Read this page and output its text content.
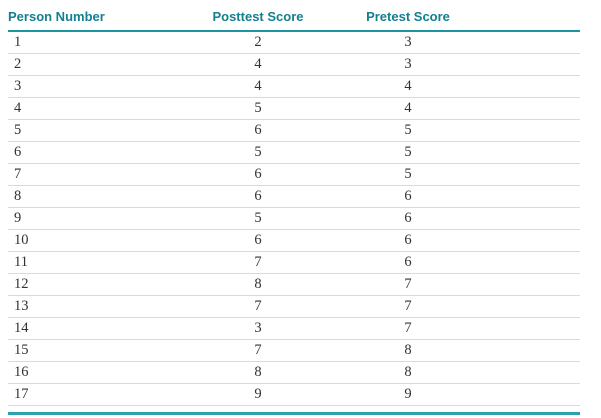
Person Number	Posttest Score	Pretest Score	
1	2	3	
2	4	3	
3	4	4	
4	5	4	
5	6	5	
6	5	5	
7	6	5	
8	6	6	
9	5	6	
10	6	6	
11	7	6	
12	8	7	
13	7	7	
14	3	7	
15	7	8	
16	8	8	
17	9	9	
